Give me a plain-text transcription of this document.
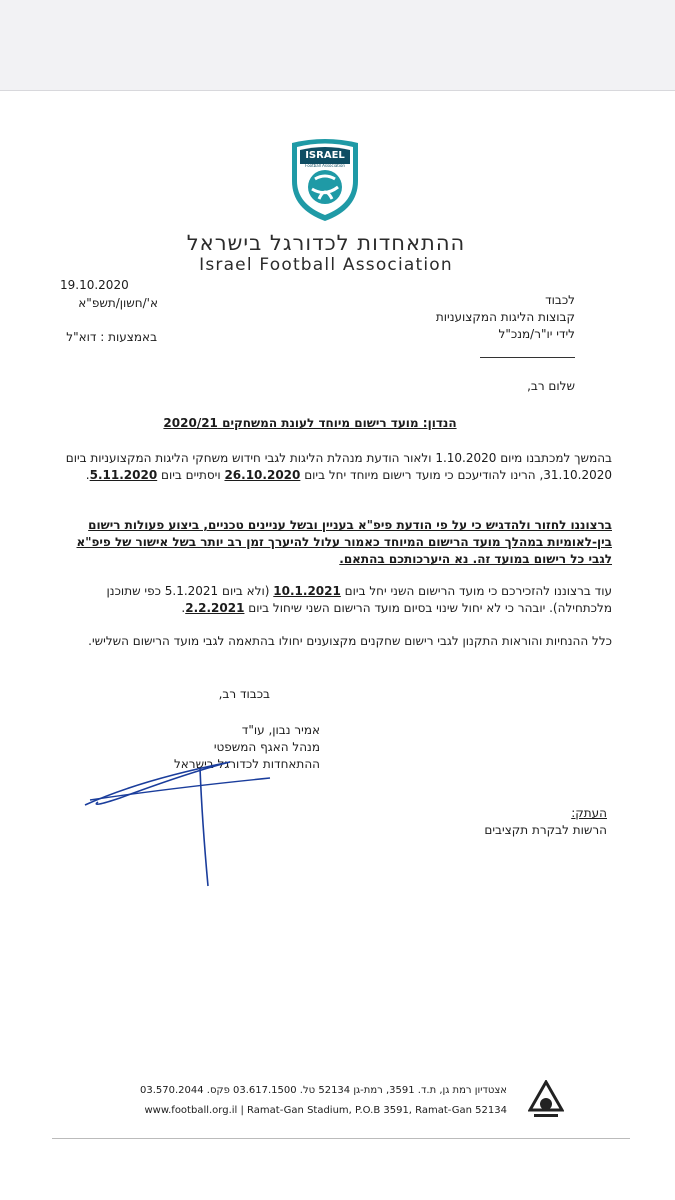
ISRAEL
Football Association
ההתאחדות לכדורגל בישראל
Israel Football Association
19.10.2020
א'/חשון/תשפ"א
באמצעות : דוא"ל
לכבוד
קבוצות הליגות המקצועניות
לידי יו"ר/מנכ"ל
שלום רב,
הנדון: מועד רישום מיוחד לעונת המשחקים 2020/21
בהמשך למכתבנו מיום 1.10.2020 ולאור הודעת מנהלת הליגות לגבי חידוש משחקי הליגות המקצועניות ביום 31.10.2020, הרינו להודיעכם כי מועד רישום מיוחד יחל ביום 26.10.2020 ויסתיים ביום 5.11.2020.
ברצוננו לחזור ולהדגיש כי על פי הודעת פיפ"א בעניין ובשל עניינים טכניים, ביצוע פעולות רישום בין-לאומיות במהלך מועד הרישום המיוחד כאמור עלול להיערך זמן רב יותר בשל אישור של פיפ"א לגבי כל רישום במועד זה. נא היערכותכם בהתאם.
עוד ברצוננו להזכירכם כי מועד הרישום השני יחל ביום 10.1.2021 (ולא ביום 5.1.2021 כפי שתוכנן מלכתחילה). יובהר כי לא יחול שינוי בסיום מועד הרישום השני שיחול ביום 2.2.2021.
כלל ההנחיות והוראות התקנון לגבי רישום שחקנים מקצוענים יחולו בהתאמה לגבי מועד הרישום השלישי.
בכבוד רב,
אמיר נבון, עו"ד
מנהל האגף המשפטי
ההתאחדות לכדורגל בישראל
העתק:
הרשות לבקרת תקציבים
אצטדיון רמת גן, ת.ד. 3591, רמת-גן 52134 טל. 03.617.1500 פקס. 03.570.2044
www.football.org.il | Ramat-Gan Stadium, P.O.B 3591, Ramat-Gan 52134
